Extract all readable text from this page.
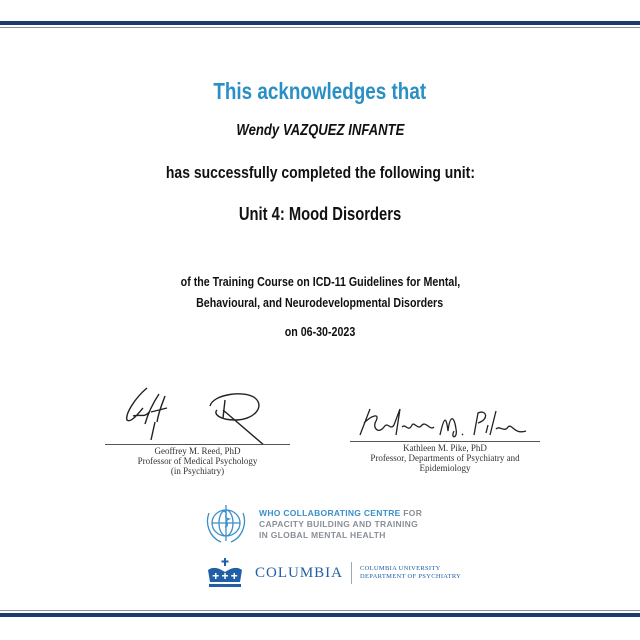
This acknowledges that
Wendy VAZQUEZ INFANTE
has successfully completed the following unit:
Unit 4: Mood Disorders
of the Training Course on ICD-11 Guidelines for Mental,
Behavioural, and Neurodevelopmental Disorders
on 06-30-2023
Geoffrey M. Reed, PhD
Professor of Medical Psychology
(in Psychiatry)
Kathleen M. Pike, PhD
Professor, Departments of Psychiatry and
Epidemiology
WHO COLLABORATING CENTRE FOR
CAPACITY BUILDING AND TRAINING
IN GLOBAL MENTAL HEALTH
COLUMBIA	COLUMBIA UNIVERSITY
DEPARTMENT OF PSYCHIATRY
